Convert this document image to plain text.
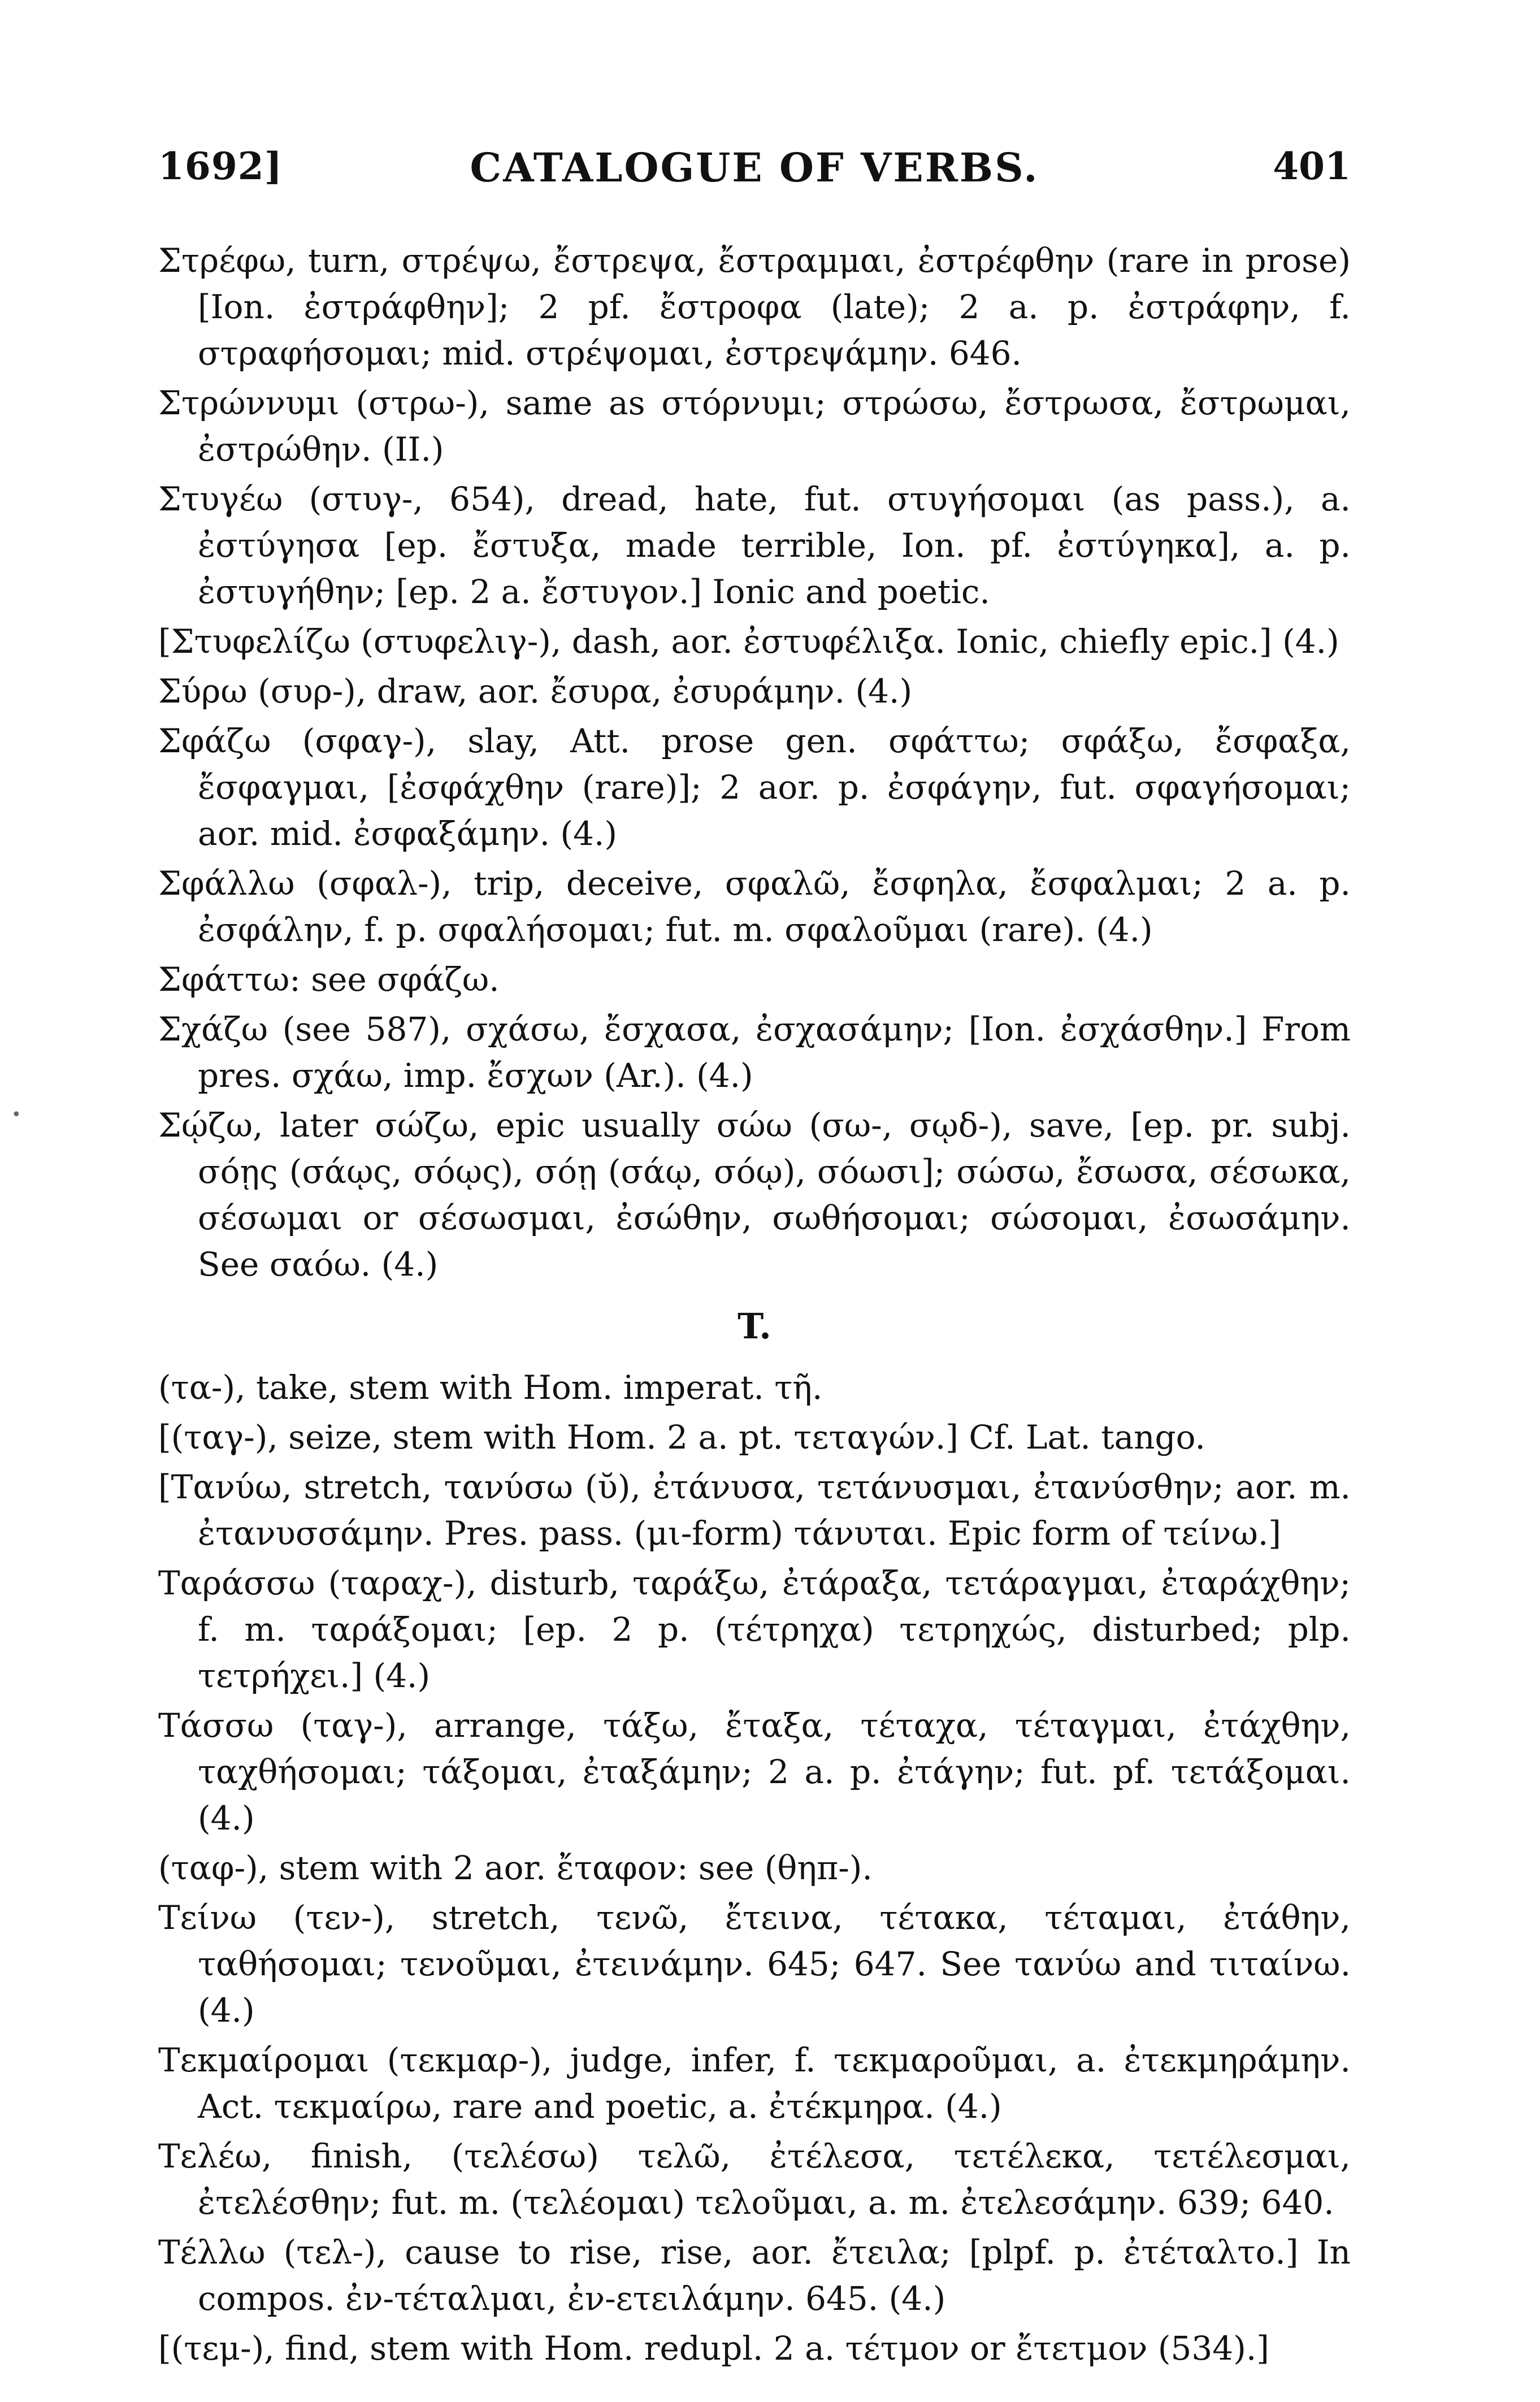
1692]	CATALOGUE OF VERBS.	401
•

Στρέφω, turn, στρέψω, ἔστρεψα, ἔστραμμαι, ἐστρέφθην (rare in prose) [Ion. ἐστράφθην]; 2 pf. ἔστροφα (late); 2 a. p. ἐστράφην, f. στραφήσομαι; mid. στρέψομαι, ἐστρεψάμην. 646.

Στρώννυμι (στρω-), same as στόρνυμι; στρώσω, ἔστρωσα, ἔστρωμαι, ἐστρώθην. (II.)

Στυγέω (στυγ-, 654), dread, hate, fut. στυγήσομαι (as pass.), a. ἐστύγησα [ep. ἔστυξα, made terrible, Ion. pf. ἐστύγηκα], a. p. ἐστυγήθην; [ep. 2 a. ἔστυγον.] Ionic and poetic.

[Στυφελίζω (στυφελιγ-), dash, aor. ἐστυφέλιξα. Ionic, chiefly epic.] (4.)

Σύρω (συρ-), draw, aor. ἔσυρα, ἐσυράμην. (4.)

Σφάζω (σφαγ-), slay, Att. prose gen. σφάττω; σφάξω, ἔσφαξα, ἔσφαγμαι, [ἐσφάχθην (rare)]; 2 aor. p. ἐσφάγην, fut. σφαγήσομαι; aor. mid. ἐσφαξάμην. (4.)

Σφάλλω (σφαλ-), trip, deceive, σφαλῶ, ἔσφηλα, ἔσφαλμαι; 2 a. p. ἐσφάλην, f. p. σφαλήσομαι; fut. m. σφαλοῦμαι (rare). (4.)

Σφάττω: see σφάζω.

Σχάζω (see 587), σχάσω, ἔσχασα, ἐσχασάμην; [Ion. ἐσχάσθην.] From pres. σχάω, imp. ἔσχων (Ar.). (4.)

Σῴζω, later σώζω, epic usually σώω (σω-, σῳδ-), save, [ep. pr. subj. σόῃς (σάῳς, σόῳς), σόῃ (σάῳ, σόῳ), σόωσι]; σώσω, ἔσωσα, σέσωκα, σέσωμαι or σέσωσμαι, ἐσώθην, σωθήσομαι; σώσομαι, ἐσωσάμην. See σαόω. (4.)

T.

(τα-), take, stem with Hom. imperat. τῆ.

[(ταγ-), seize, stem with Hom. 2 a. pt. τεταγών.] Cf. Lat. tango.

[Τανύω, stretch, τανύσω (ῠ), ἐτάνυσα, τετάνυσμαι, ἐτανύσθην; aor. m. ἐτανυσσάμην. Pres. pass. (μι-form) τάνυται. Epic form of τείνω.]

Ταράσσω (ταραχ-), disturb, ταράξω, ἐτάραξα, τετάραγμαι, ἐταράχθην; f. m. ταράξομαι; [ep. 2 p. (τέτρηχα) τετρηχώς, disturbed; plp. τετρήχει.] (4.)

Τάσσω (ταγ-), arrange, τάξω, ἔταξα, τέταχα, τέταγμαι, ἐτάχθην, ταχθήσομαι; τάξομαι, ἐταξάμην; 2 a. p. ἐτάγην; fut. pf. τετάξομαι. (4.)

(ταφ-), stem with 2 aor. ἔταφον: see (θηπ-).

Τείνω (τεν-), stretch, τενῶ, ἔτεινα, τέτακα, τέταμαι, ἐτάθην, ταθήσομαι; τενοῦμαι, ἐτεινάμην. 645; 647. See τανύω and τιταίνω. (4.)

Τεκμαίρομαι (τεκμαρ-), judge, infer, f. τεκμαροῦμαι, a. ἐτεκμηράμην. Act. τεκμαίρω, rare and poetic, a. ἐτέκμηρα. (4.)

Τελέω, finish, (τελέσω) τελῶ, ἐτέλεσα, τετέλεκα, τετέλεσμαι, ἐτελέσθην; fut. m. (τελέομαι) τελοῦμαι, a. m. ἐτελεσάμην. 639; 640.

Τέλλω (τελ-), cause to rise, rise, aor. ἔτειλα; [plpf. p. ἐτέταλτο.] In compos. ἐν-τέταλμαι, ἐν-ετειλάμην. 645. (4.)

[(τεμ-), find, stem with Hom. redupl. 2 a. τέτμον or ἔτετμον (534).]
